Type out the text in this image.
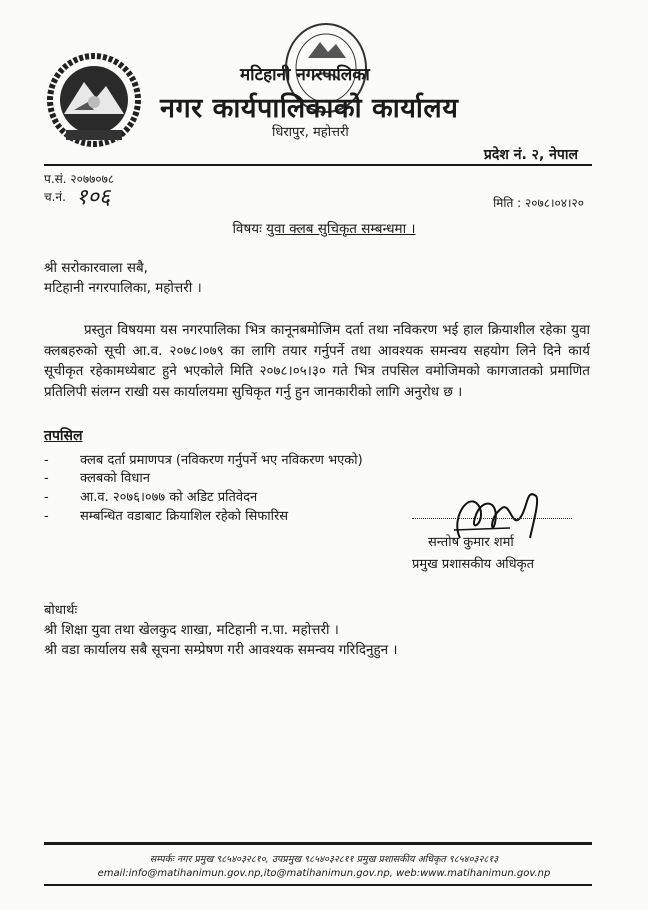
मटिहानी नगरपालिका
नगर कार्यपालिकाको कार्यालय
धिरापुर, महोत्तरी
प्रदेश नं. २, नेपाल
प.सं. २०७७०७८
च.नं. १०६	मिति : २०७८।०४।२०
विषयः युवा क्लब सुचिकृत सम्बन्धमा ।
श्री सरोकारवाला सबै,
मटिहानी नगरपालिका, महोत्तरी ।
प्रस्तुत विषयमा यस नगरपालिका भित्र कानूनबमोजिम दर्ता तथा नविकरण भई हाल क्रियाशील रहेका युवा क्लबहरुको सूची आ.व. २०७८।०७९ का लागि तयार गर्नुपर्ने तथा आवश्यक समन्वय सहयोग लिने दिने कार्य सूचीकृत रहेकामध्येबाट हुने भएकोले मिति २०७८।०५।३० गते भित्र तपसिल वमोजिमको कागजातको प्रमाणित प्रतिलिपी संलग्न राखी यस कार्यालयमा सुचिकृत गर्नु हुन जानकारीको लागि अनुरोध छ ।
तपसिल
- क्लब दर्ता प्रमाणपत्र (नविकरण गर्नुपर्ने भए नविकरण भएको)
- क्लबको विधान
- आ.व. २०७६।०७७ को अडिट प्रतिवेदन
- सम्बन्धित वडाबाट क्रियाशिल रहेको सिफारिस
सन्तोष कुमार शर्मा
प्रमुख प्रशासकीय अधिकृत
बोधार्थः
श्री शिक्षा युवा तथा खेलकुद शाखा, मटिहानी न.पा. महोत्तरी ।
श्री वडा कार्यालय सबै सूचना सम्प्रेषण गरी आवश्यक समन्वय गरिदिनुहुन ।
सम्पर्कः नगर प्रमुख ९८५४०३२८१०, उपप्रमुख ९८५४०३२८११ प्रमुख प्रशासकीय अधिकृत ९८५४०३२८१३
email:info@matihanimun.gov.np,ito@matihanimun.gov.np, web:www.matihanimun.gov.np
